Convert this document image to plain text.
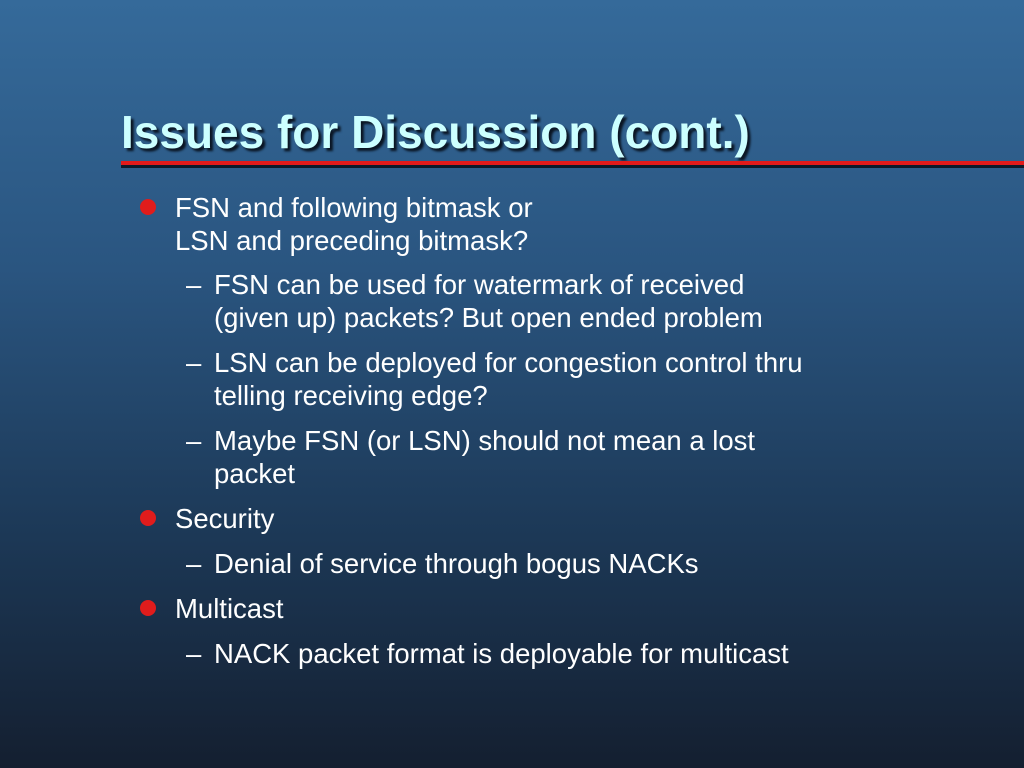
Issues for Discussion (cont.)
FSN and following bitmask or
LSN and preceding bitmask?
– FSN can be used for watermark of received
(given up) packets? But open ended problem
– LSN can be deployed for congestion control thru
telling receiving edge?
– Maybe FSN (or LSN) should not mean a lost
packet
Security
– Denial of service through bogus NACKs
Multicast
– NACK packet format is deployable for multicast
